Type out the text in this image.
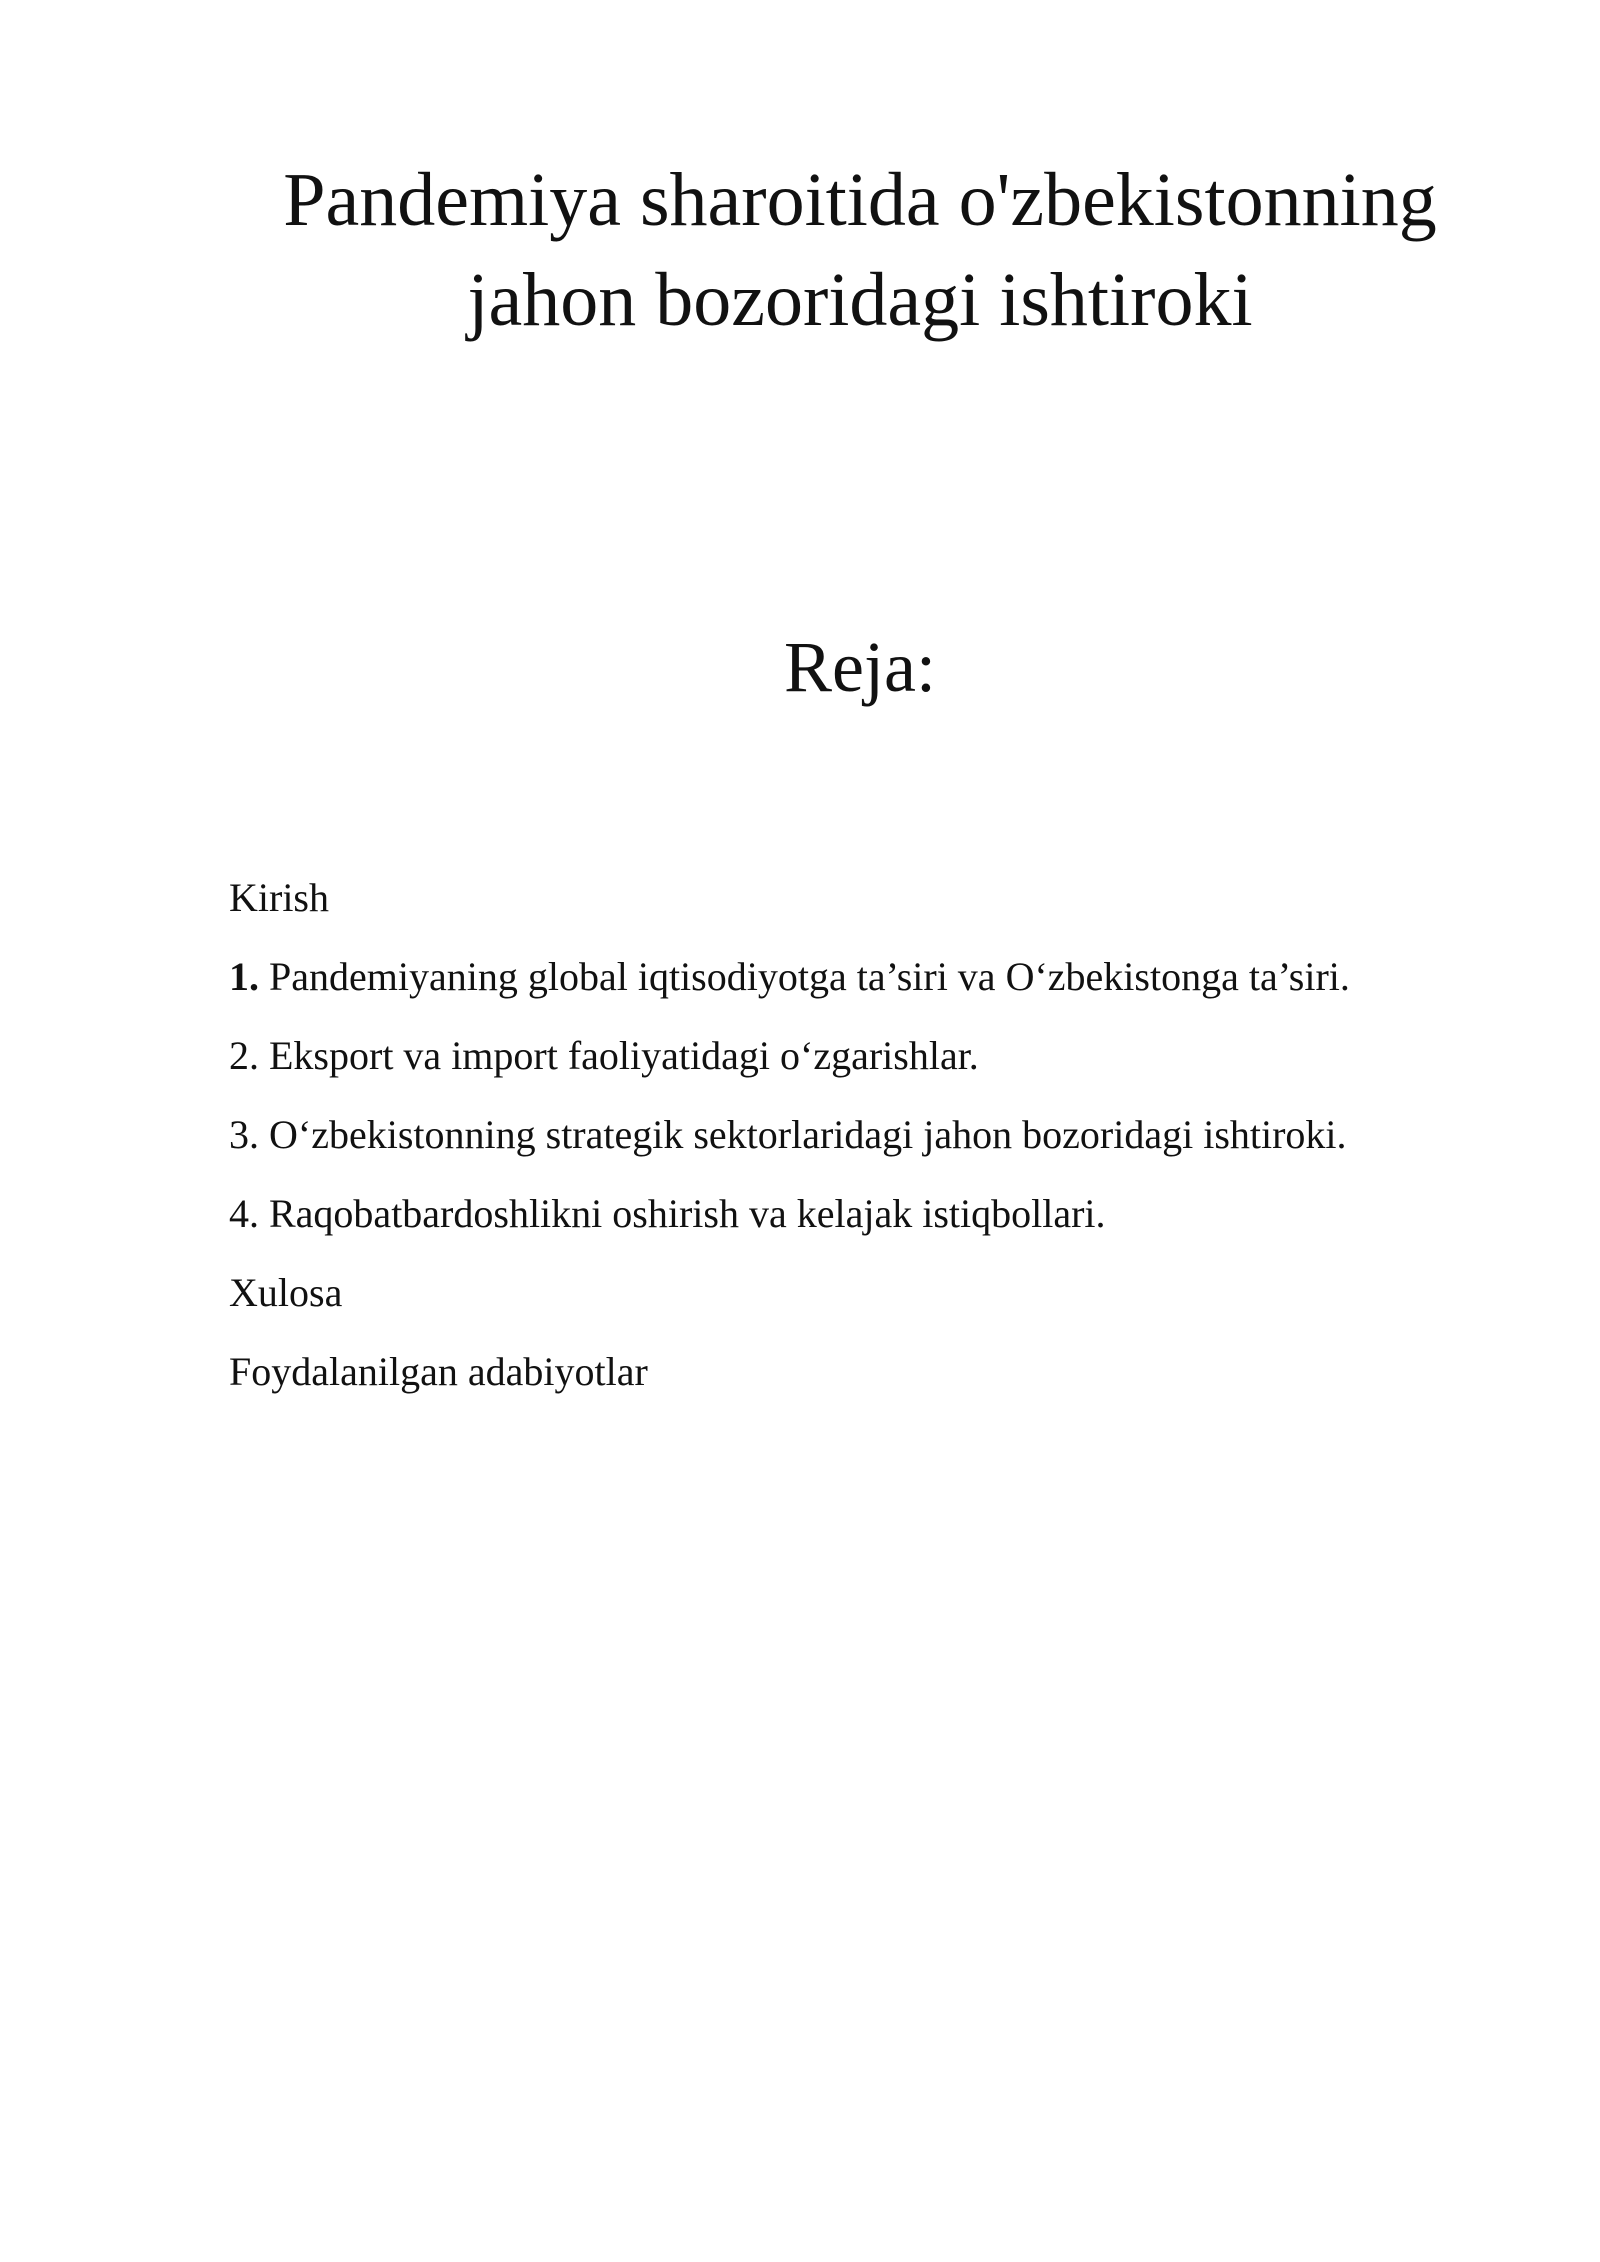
Pandemiya sharoitida o'zbekistonning
jahon bozoridagi ishtiroki
Reja:
Kirish
1. Pandemiyaning global iqtisodiyotga ta’siri va O‘zbekistonga ta’siri.
2. Eksport va import faoliyatidagi o‘zgarishlar.
3. O‘zbekistonning strategik sektorlaridagi jahon bozoridagi ishtiroki.
4. Raqobatbardoshlikni oshirish va kelajak istiqbollari.
Xulosa
Foydalanilgan adabiyotlar
